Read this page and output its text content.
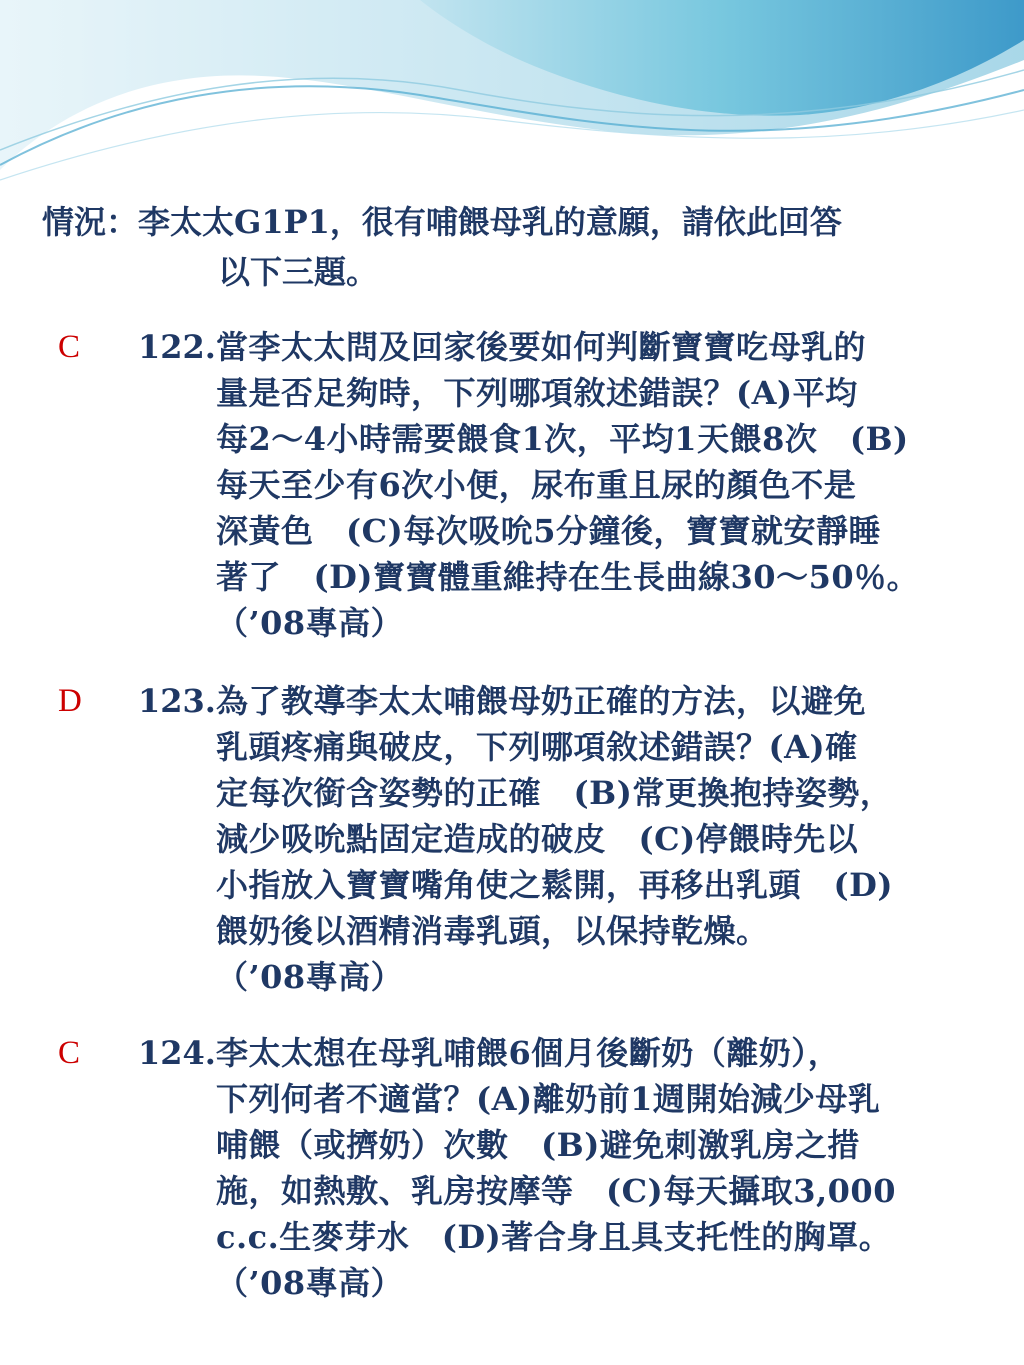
情況：李太太G1P1，很有哺餵母乳的意願，請依此回答
以下三題。
C 122. 當李太太問及回家後要如何判斷寶寶吃母乳的
量是否足夠時，下列哪項敘述錯誤？(A)平均
每2～4小時需要餵食1次，平均1天餵8次　(B)
每天至少有6次小便，尿布重且尿的顏色不是
深黃色　(C)每次吸吮5分鐘後，寶寶就安靜睡
著了　(D)寶寶體重維持在生長曲線30～50％。
（’08專高）
D 123. 為了教導李太太哺餵母奶正確的方法，以避免
乳頭疼痛與破皮，下列哪項敘述錯誤？(A)確
定每次銜含姿勢的正確　(B)常更換抱持姿勢，
減少吸吮點固定造成的破皮　(C)停餵時先以
小指放入寶寶嘴角使之鬆開，再移出乳頭　(D)
餵奶後以酒精消毒乳頭，以保持乾燥。
（’08專高）
C 124. 李太太想在母乳哺餵6個月後斷奶（離奶），
下列何者不適當？(A)離奶前1週開始減少母乳
哺餵（或擠奶）次數　(B)避免刺激乳房之措
施，如熱敷、乳房按摩等　(C)每天攝取3,000
c.c.生麥芽水　(D)著合身且具支托性的胸罩。
（’08專高）
